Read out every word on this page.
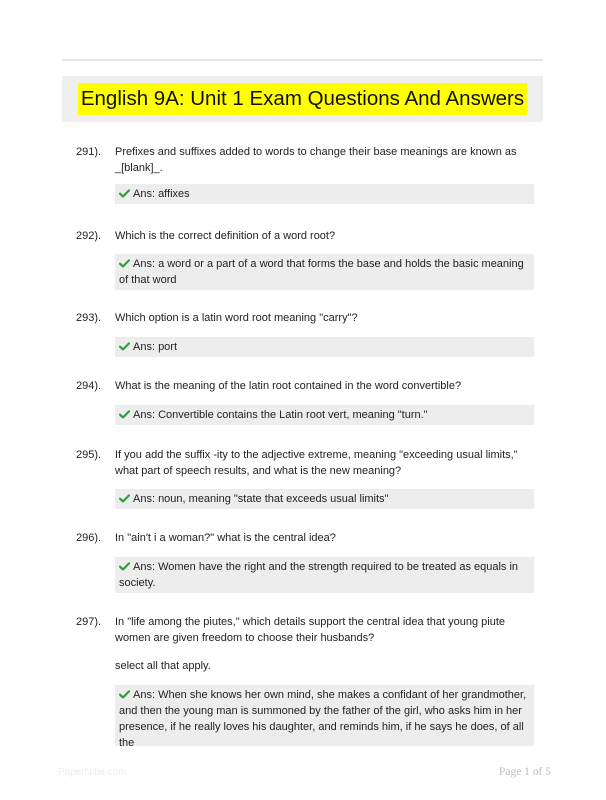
English 9A: Unit 1 Exam Questions And Answers
291). Prefixes and suffixes added to words to change their base meanings are known as _[blank]_.
Ans: affixes
292). Which is the correct definition of a word root?
Ans: a word or a part of a word that forms the base and holds the basic meaning of that word
293). Which option is a latin word root meaning "carry"?
Ans: port
294). What is the meaning of the latin root contained in the word convertible?
Ans: Convertible contains the Latin root vert, meaning "turn."
295). If you add the suffix -ity to the adjective extreme, meaning "exceeding usual limits," what part of speech results, and what is the new meaning?
Ans: noun, meaning "state that exceeds usual limits"
296). In "ain't i a woman?" what is the central idea?
Ans: Women have the right and the strength required to be treated as equals in society.
297). In "life among the piutes," which details support the central idea that young piute women are given freedom to choose their husbands?
select all that apply.
Ans: When she knows her own mind, she makes a confidant of her grandmother, and then the young man is summoned by the father of the girl, who asks him in her presence, if he really loves his daughter, and reminds him, if he says he does, of all the
PaperNibs.com	Page 1 of 5
